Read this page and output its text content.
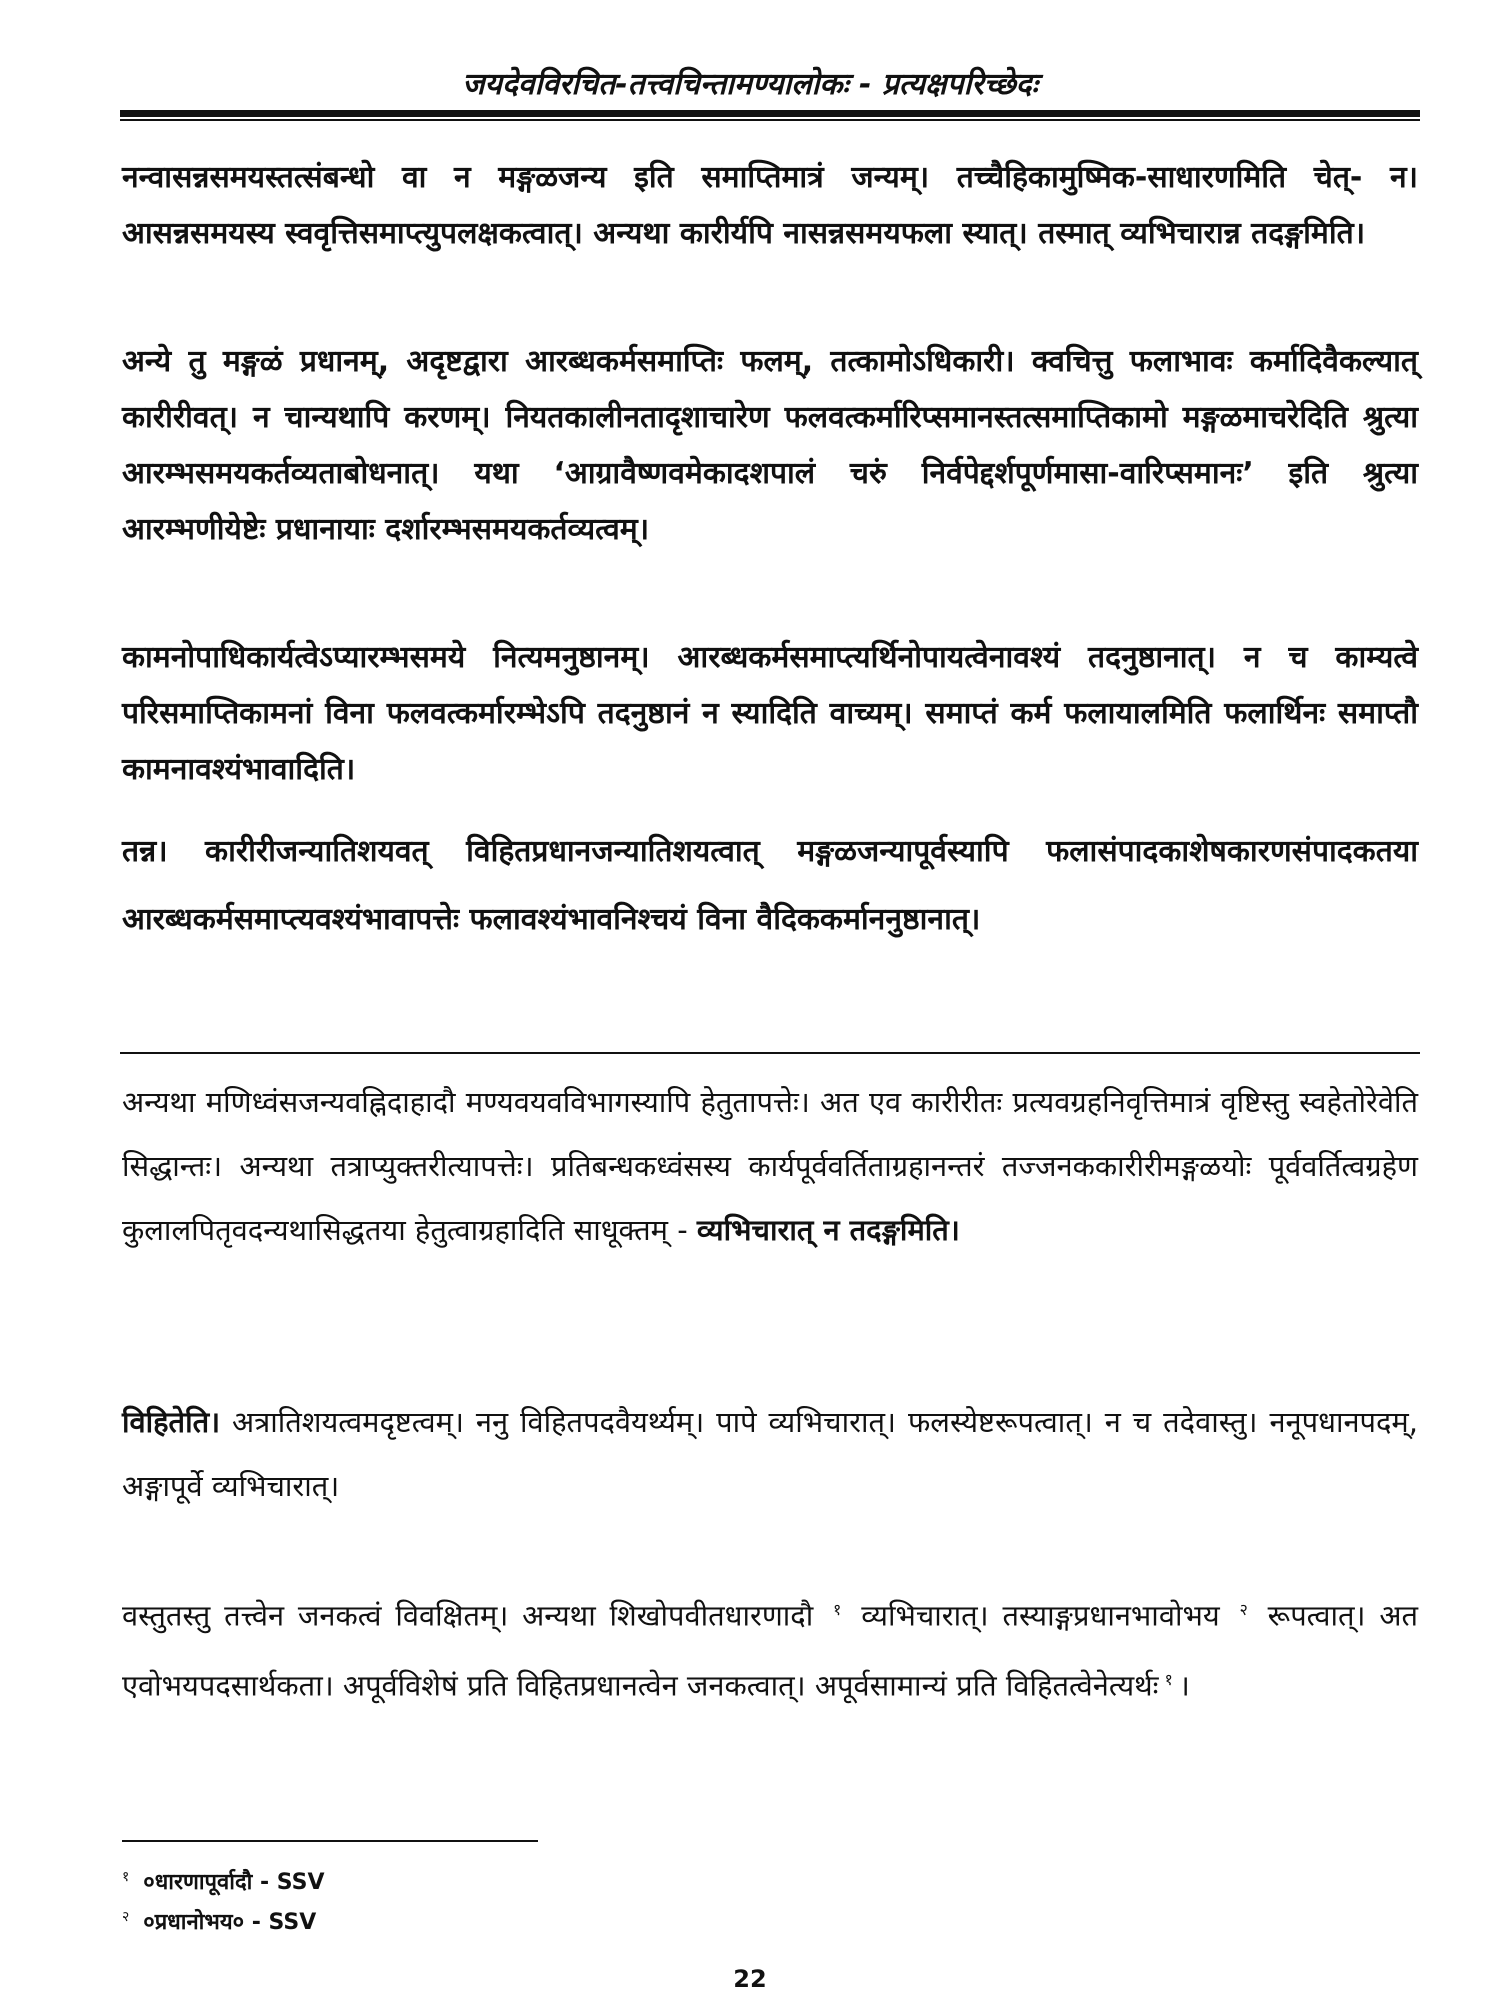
जयदेवविरचित-तत्त्वचिन्तामण्यालोकः - प्रत्यक्षपरिच्छेदः

नन्वासन्नसमयस्तत्संबन्धो वा न मङ्गळजन्य इति समाप्तिमात्रं जन्यम्। तच्चैहिकामुष्मिक-साधारणमिति चेत्- न। आसन्नसमयस्य स्ववृत्तिसमाप्त्युपलक्षकत्वात्। अन्यथा कारीर्यपि नासन्नसमयफला स्यात्। तस्मात् व्यभिचारान्न तदङ्गमिति।

अन्ये तु मङ्गळं प्रधानम्, अदृष्टद्वारा आरब्धकर्मसमाप्तिः फलम्, तत्कामोऽधिकारी। क्वचित्तु फलाभावः कर्मादिवैकल्यात् कारीरीवत्। न चान्यथापि करणम्। नियतकालीनतादृशाचारेण फलवत्कर्मारिप्समानस्तत्समाप्तिकामो मङ्गळमाचरेदिति श्रुत्या आरम्भसमयकर्तव्यताबोधनात्। यथा ‘आग्रावैष्णवमेकादशपालं चरुं निर्वपेद्दर्शपूर्णमासा-वारिप्समानः’ इति श्रुत्या आरम्भणीयेष्टेः प्रधानायाः दर्शारम्भसमयकर्तव्यत्वम्।

कामनोपाधिकार्यत्वेऽप्यारम्भसमये नित्यमनुष्ठानम्। आरब्धकर्मसमाप्त्यर्थिनोपायत्वेनावश्यं तदनुष्ठानात्। न च काम्यत्वे परिसमाप्तिकामनां विना फलवत्कर्मारम्भेऽपि तदनुष्ठानं न स्यादिति वाच्यम्। समाप्तं कर्म फलायालमिति फलार्थिनः समाप्तौ कामनावश्यंभावादिति।

तन्न। कारीरीजन्यातिशयवत् विहितप्रधानजन्यातिशयत्वात् मङ्गळजन्यापूर्वस्यापि फलासंपादकाशेषकारणसंपादकतया आरब्धकर्मसमाप्त्यवश्यंभावापत्तेः फलावश्यंभावनिश्चयं विना वैदिककर्माननुष्ठानात्।

अन्यथा मणिध्वंसजन्यवह्निदाहादौ मण्यवयवविभागस्यापि हेतुतापत्तेः। अत एव कारीरीतः प्रत्यवग्रहनिवृत्तिमात्रं वृष्टिस्तु स्वहेतोरेवेति सिद्धान्तः। अन्यथा तत्राप्युक्तरीत्यापत्तेः। प्रतिबन्धकध्वंसस्य कार्यपूर्ववर्तिताग्रहानन्तरं तज्जनककारीरीमङ्गळयोः पूर्ववर्तित्वग्रहेण कुलालपितृवदन्यथासिद्धतया हेतुत्वाग्रहादिति साधूक्तम् - व्यभिचारात् न तदङ्गमिति।

विहितेति। अत्रातिशयत्वमदृष्टत्वम्। ननु विहितपदवैयर्थ्यम्। पापे व्यभिचारात्। फलस्येष्टरूपत्वात्। न च तदेवास्तु। ननूपधानपदम्, अङ्गापूर्वे व्यभिचारात्।

वस्तुतस्तु तत्त्वेन जनकत्वं विवक्षितम्। अन्यथा शिखोपवीतधारणादौ $^१$ व्यभिचारात्। तस्याङ्गप्रधानभावोभय $^२$ रूपत्वात्। अत एवोभयपदसार्थकता। अपूर्वविशेषं प्रति विहितप्रधानत्वेन जनकत्वात्। अपूर्वसामान्यं प्रति विहितत्वेनेत्यर्थः $^१$ ।

$^१$ ०धारणापूर्वादौ - SSV
$^२$ ०प्रधानोभय० - SSV
22
